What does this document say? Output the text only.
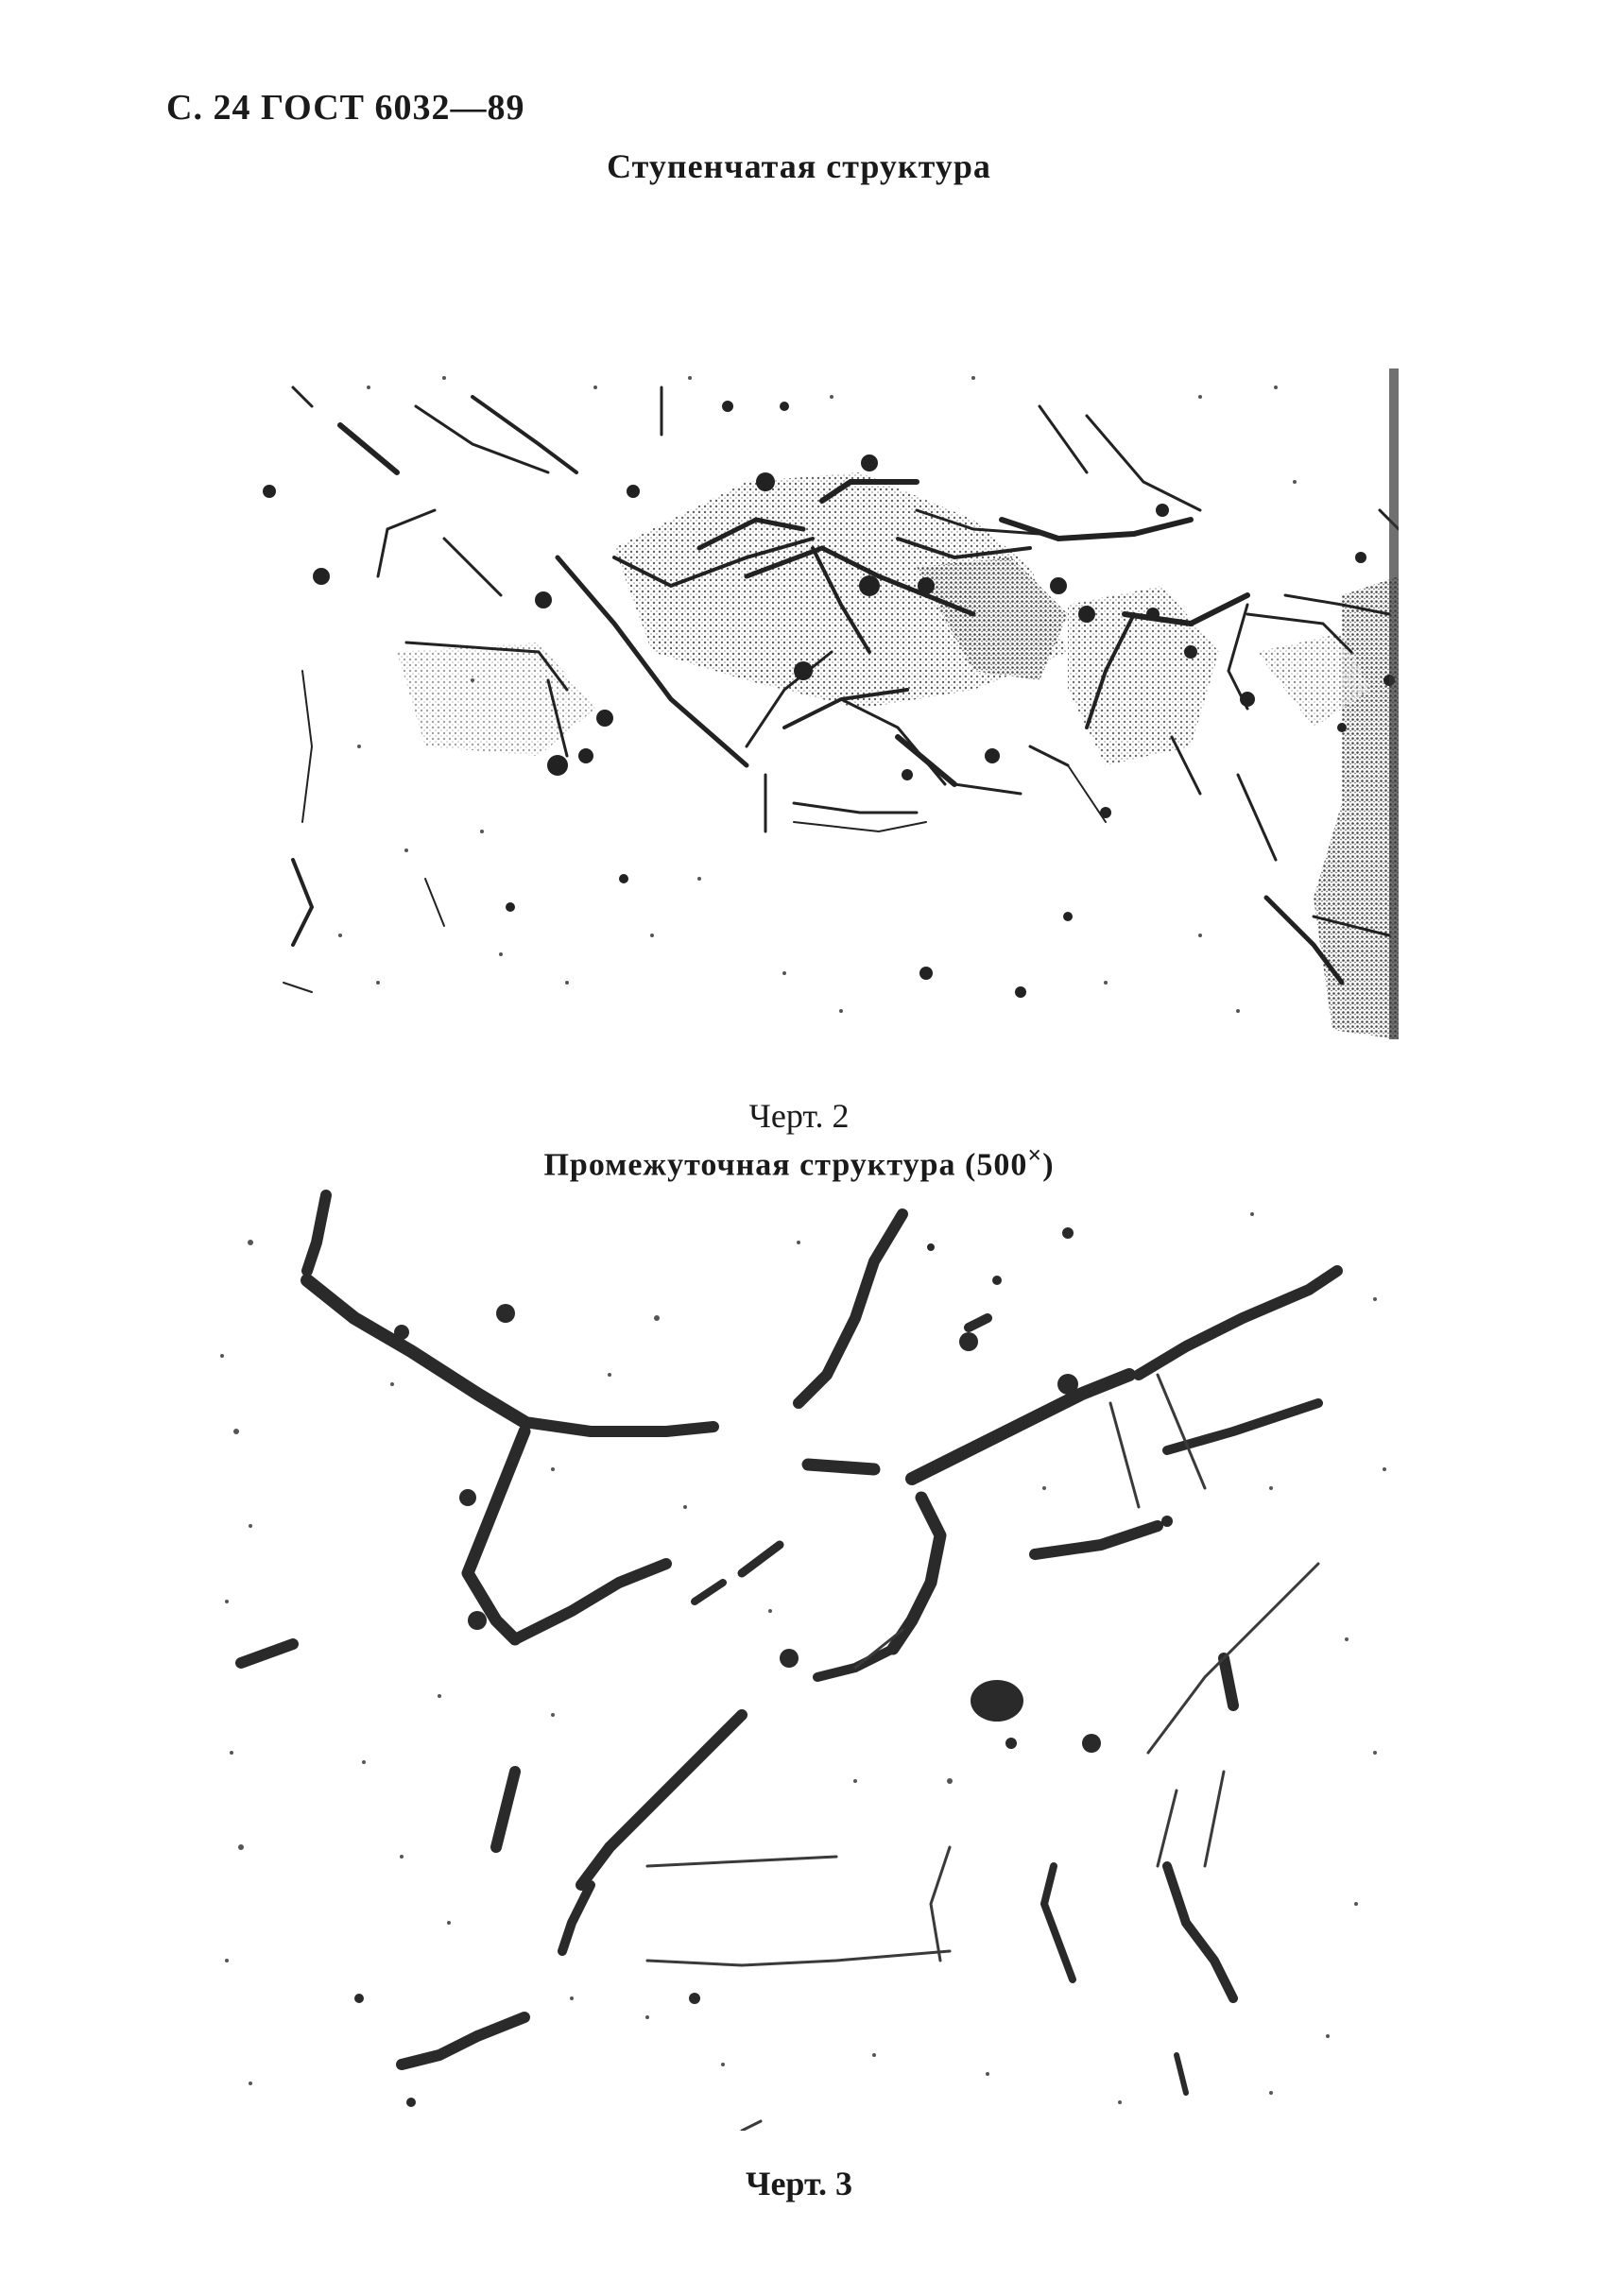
С. 24 ГОСТ 6032—89
Ступенчатая структура
Черт. 2
Промежуточная структура (500×)
Черт. 3
